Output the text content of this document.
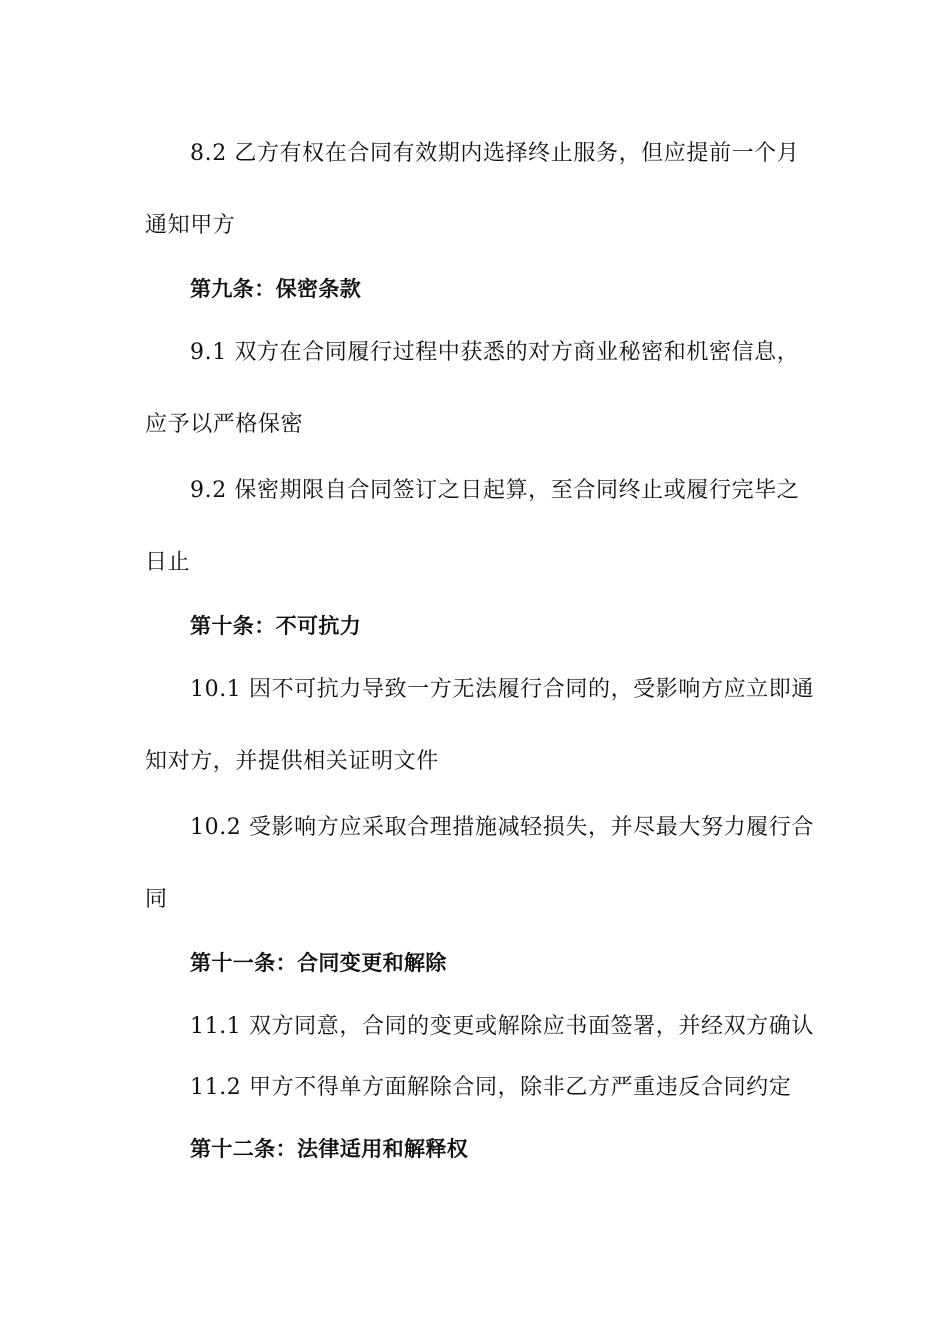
8.2 乙方有权在合同有效期内选择终止服务，但应提前一个月
通知甲方
第九条：保密条款
9.1 双方在合同履行过程中获悉的对方商业秘密和机密信息，
应予以严格保密
9.2 保密期限自合同签订之日起算，至合同终止或履行完毕之
日止
第十条：不可抗力
10.1 因不可抗力导致一方无法履行合同的，受影响方应立即通
知对方，并提供相关证明文件
10.2 受影响方应采取合理措施减轻损失，并尽最大努力履行合
同
第十一条：合同变更和解除
11.1 双方同意，合同的变更或解除应书面签署，并经双方确认
11.2 甲方不得单方面解除合同，除非乙方严重违反合同约定
第十二条：法律适用和解释权
